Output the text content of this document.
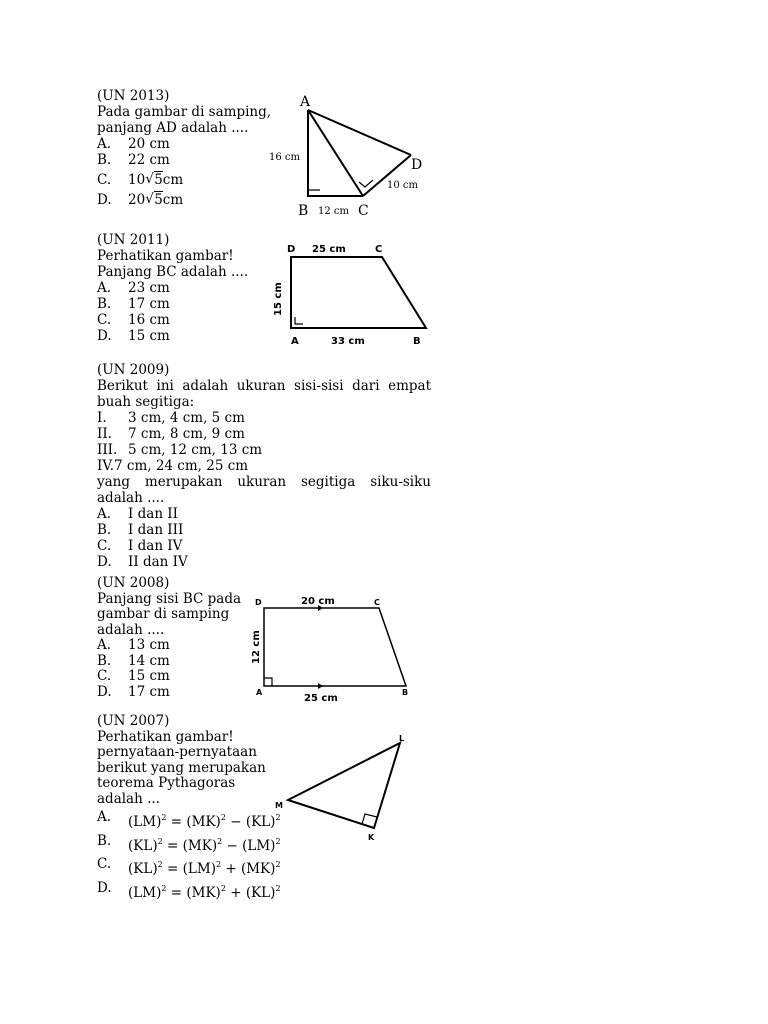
(UN 2013)
Pada gambar di samping,
panjang AD adalah ....
A.	20 cm
B.	22 cm
C.	10 √ 5 cm
D.	20 √ 5 cm
A
B	C
D
16 cm
12 cm
10 cm
(UN 2011)
Perhatikan gambar!
Panjang BC adalah ....
A.	23 cm
B.	17 cm
C.	16 cm
D.	15 cm
D	C
A	B
25 cm
33 cm
15 cm
(UN 2009)
Berikut ini adalah ukuran sisi-sisi dari empat
buah segitiga:
I.	3 cm, 4 cm, 5 cm
II.	7 cm, 8 cm, 9 cm
III. 5 cm, 12 cm, 13 cm
IV. 7 cm, 24 cm, 25 cm
yang merupakan ukuran segitiga siku-siku
adalah ....
A.	I dan II
B.	I dan III
C.	I dan IV
D.	II dan IV
(UN 2008)
Panjang sisi BC pada
gambar di samping
adalah ....
A.	13 cm
B.	14 cm
C.	15 cm
D.	17 cm
D	C
A	B
20 cm
25 cm
12 cm
(UN 2007)
Perhatikan gambar!
pernyataan-pernyataan
berikut yang merupakan
teorema Pythagoras
adalah ...
A.	(LM)$^2$ = (MK)$^2$ − (KL)$^2$
B.	(KL)$^2$ = (MK)$^2$ − (LM)$^2$
C.	(KL)$^2$ = (LM)$^2$ + (MK)$^2$
D.	(LM)$^2$ = (MK)$^2$ + (KL)$^2$
L
M
K
